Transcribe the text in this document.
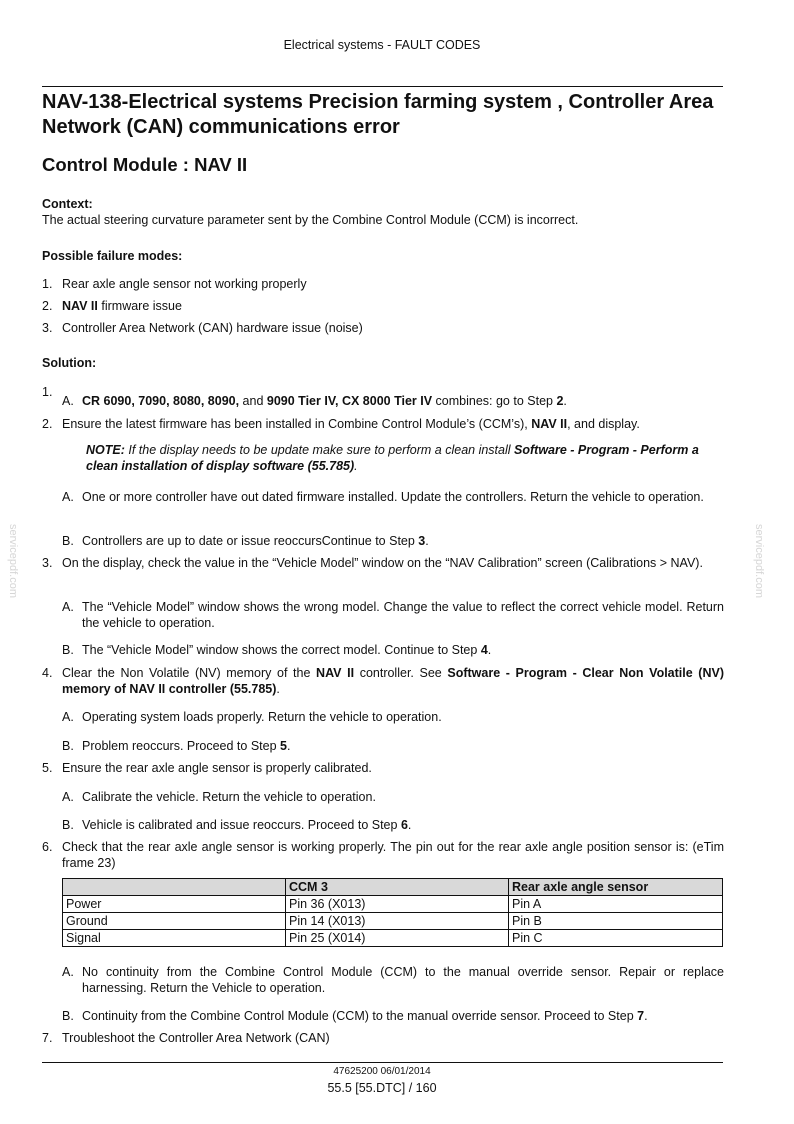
Electrical systems - FAULT CODES
NAV-138-Electrical systems Precision farming system , Controller Area Network (CAN) communications error
Control Module : NAV II
Context:
The actual steering curvature parameter sent by the Combine Control Module (CCM) is incorrect.
Possible failure modes:
1. Rear axle angle sensor not working properly
2. NAV II firmware issue
3. Controller Area Network (CAN) hardware issue (noise)
Solution:
1.
A. CR 6090, 7090, 8080, 8090, and 9090 Tier IV, CX 8000 Tier IV combines: go to Step 2.
2. Ensure the latest firmware has been installed in Combine Control Module’s (CCM’s), NAV II, and display.
NOTE: If the display needs to be update make sure to perform a clean install Software - Program - Perform a clean installation of display software (55.785).
A. One or more controller have out dated firmware installed. Update the controllers. Return the vehicle to operation.
B. Controllers are up to date or issue reoccursContinue to Step 3.
3. On the display, check the value in the “Vehicle Model” window on the “NAV Calibration” screen (Calibrations > NAV).
A. The “Vehicle Model” window shows the wrong model. Change the value to reflect the correct vehicle model. Return the vehicle to operation.
B. The “Vehicle Model” window shows the correct model. Continue to Step 4.
4. Clear the Non Volatile (NV) memory of the NAV II controller. See Software - Program - Clear Non Volatile (NV) memory of NAV II controller (55.785).
A. Operating system loads properly. Return the vehicle to operation.
B. Problem reoccurs. Proceed to Step 5.
5. Ensure the rear axle angle sensor is properly calibrated.
A. Calibrate the vehicle. Return the vehicle to operation.
B. Vehicle is calibrated and issue reoccurs. Proceed to Step 6.
6. Check that the rear axle angle sensor is working properly. The pin out for the rear axle angle position sensor is: (eTim frame 23)
	CCM 3	Rear axle angle sensor
Power	Pin 36 (X013)	Pin A
Ground	Pin 14 (X013)	Pin B
Signal	Pin 25 (X014)	Pin C
A. No continuity from the Combine Control Module (CCM) to the manual override sensor. Repair or replace harnessing. Return the Vehicle to operation.
B. Continuity from the Combine Control Module (CCM) to the manual override sensor. Proceed to Step 7.
7. Troubleshoot the Controller Area Network (CAN)
servicepdf.com	servicepdf.com
47625200 06/01/2014
55.5 [55.DTC] / 160
